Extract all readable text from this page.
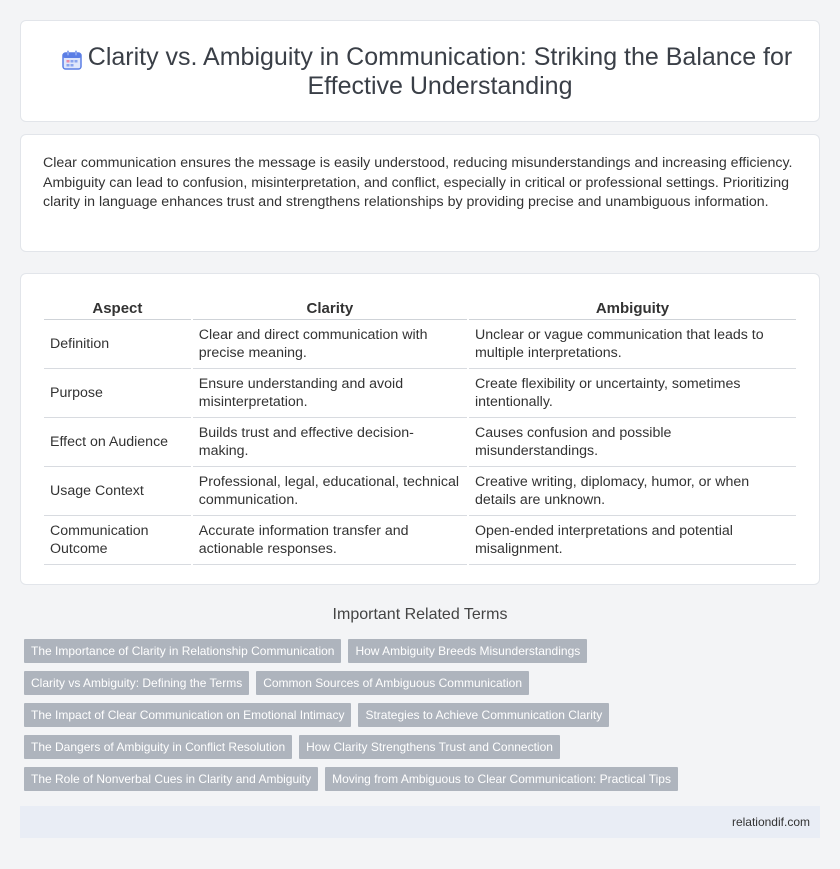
Clarity vs. Ambiguity in Communication: Striking the Balance for Effective Understanding

Clear communication ensures the message is easily understood, reducing misunderstandings and increasing efficiency. Ambiguity can lead to confusion, misinterpretation, and conflict, especially in critical or professional settings. Prioritizing clarity in language enhances trust and strengthens relationships by providing precise and unambiguous information.

Aspect	Clarity	Ambiguity
Definition	Clear and direct communication with precise meaning.	Unclear or vague communication that leads to multiple interpretations.
Purpose	Ensure understanding and avoid misinterpretation.	Create flexibility or uncertainty, sometimes intentionally.
Effect on Audience	Builds trust and effective decision-making.	Causes confusion and possible misunderstandings.
Usage Context	Professional, legal, educational, technical communication.	Creative writing, diplomacy, humor, or when details are unknown.
Communication Outcome	Accurate information transfer and actionable responses.	Open-ended interpretations and potential misalignment.
Important Related Terms
The Importance of Clarity in Relationship Communication	How Ambiguity Breeds Misunderstandings
Clarity vs Ambiguity: Defining the Terms	Common Sources of Ambiguous Communication
The Impact of Clear Communication on Emotional Intimacy	Strategies to Achieve Communication Clarity
The Dangers of Ambiguity in Conflict Resolution	How Clarity Strengthens Trust and Connection
The Role of Nonverbal Cues in Clarity and Ambiguity	Moving from Ambiguous to Clear Communication: Practical Tips
relationdif.com
